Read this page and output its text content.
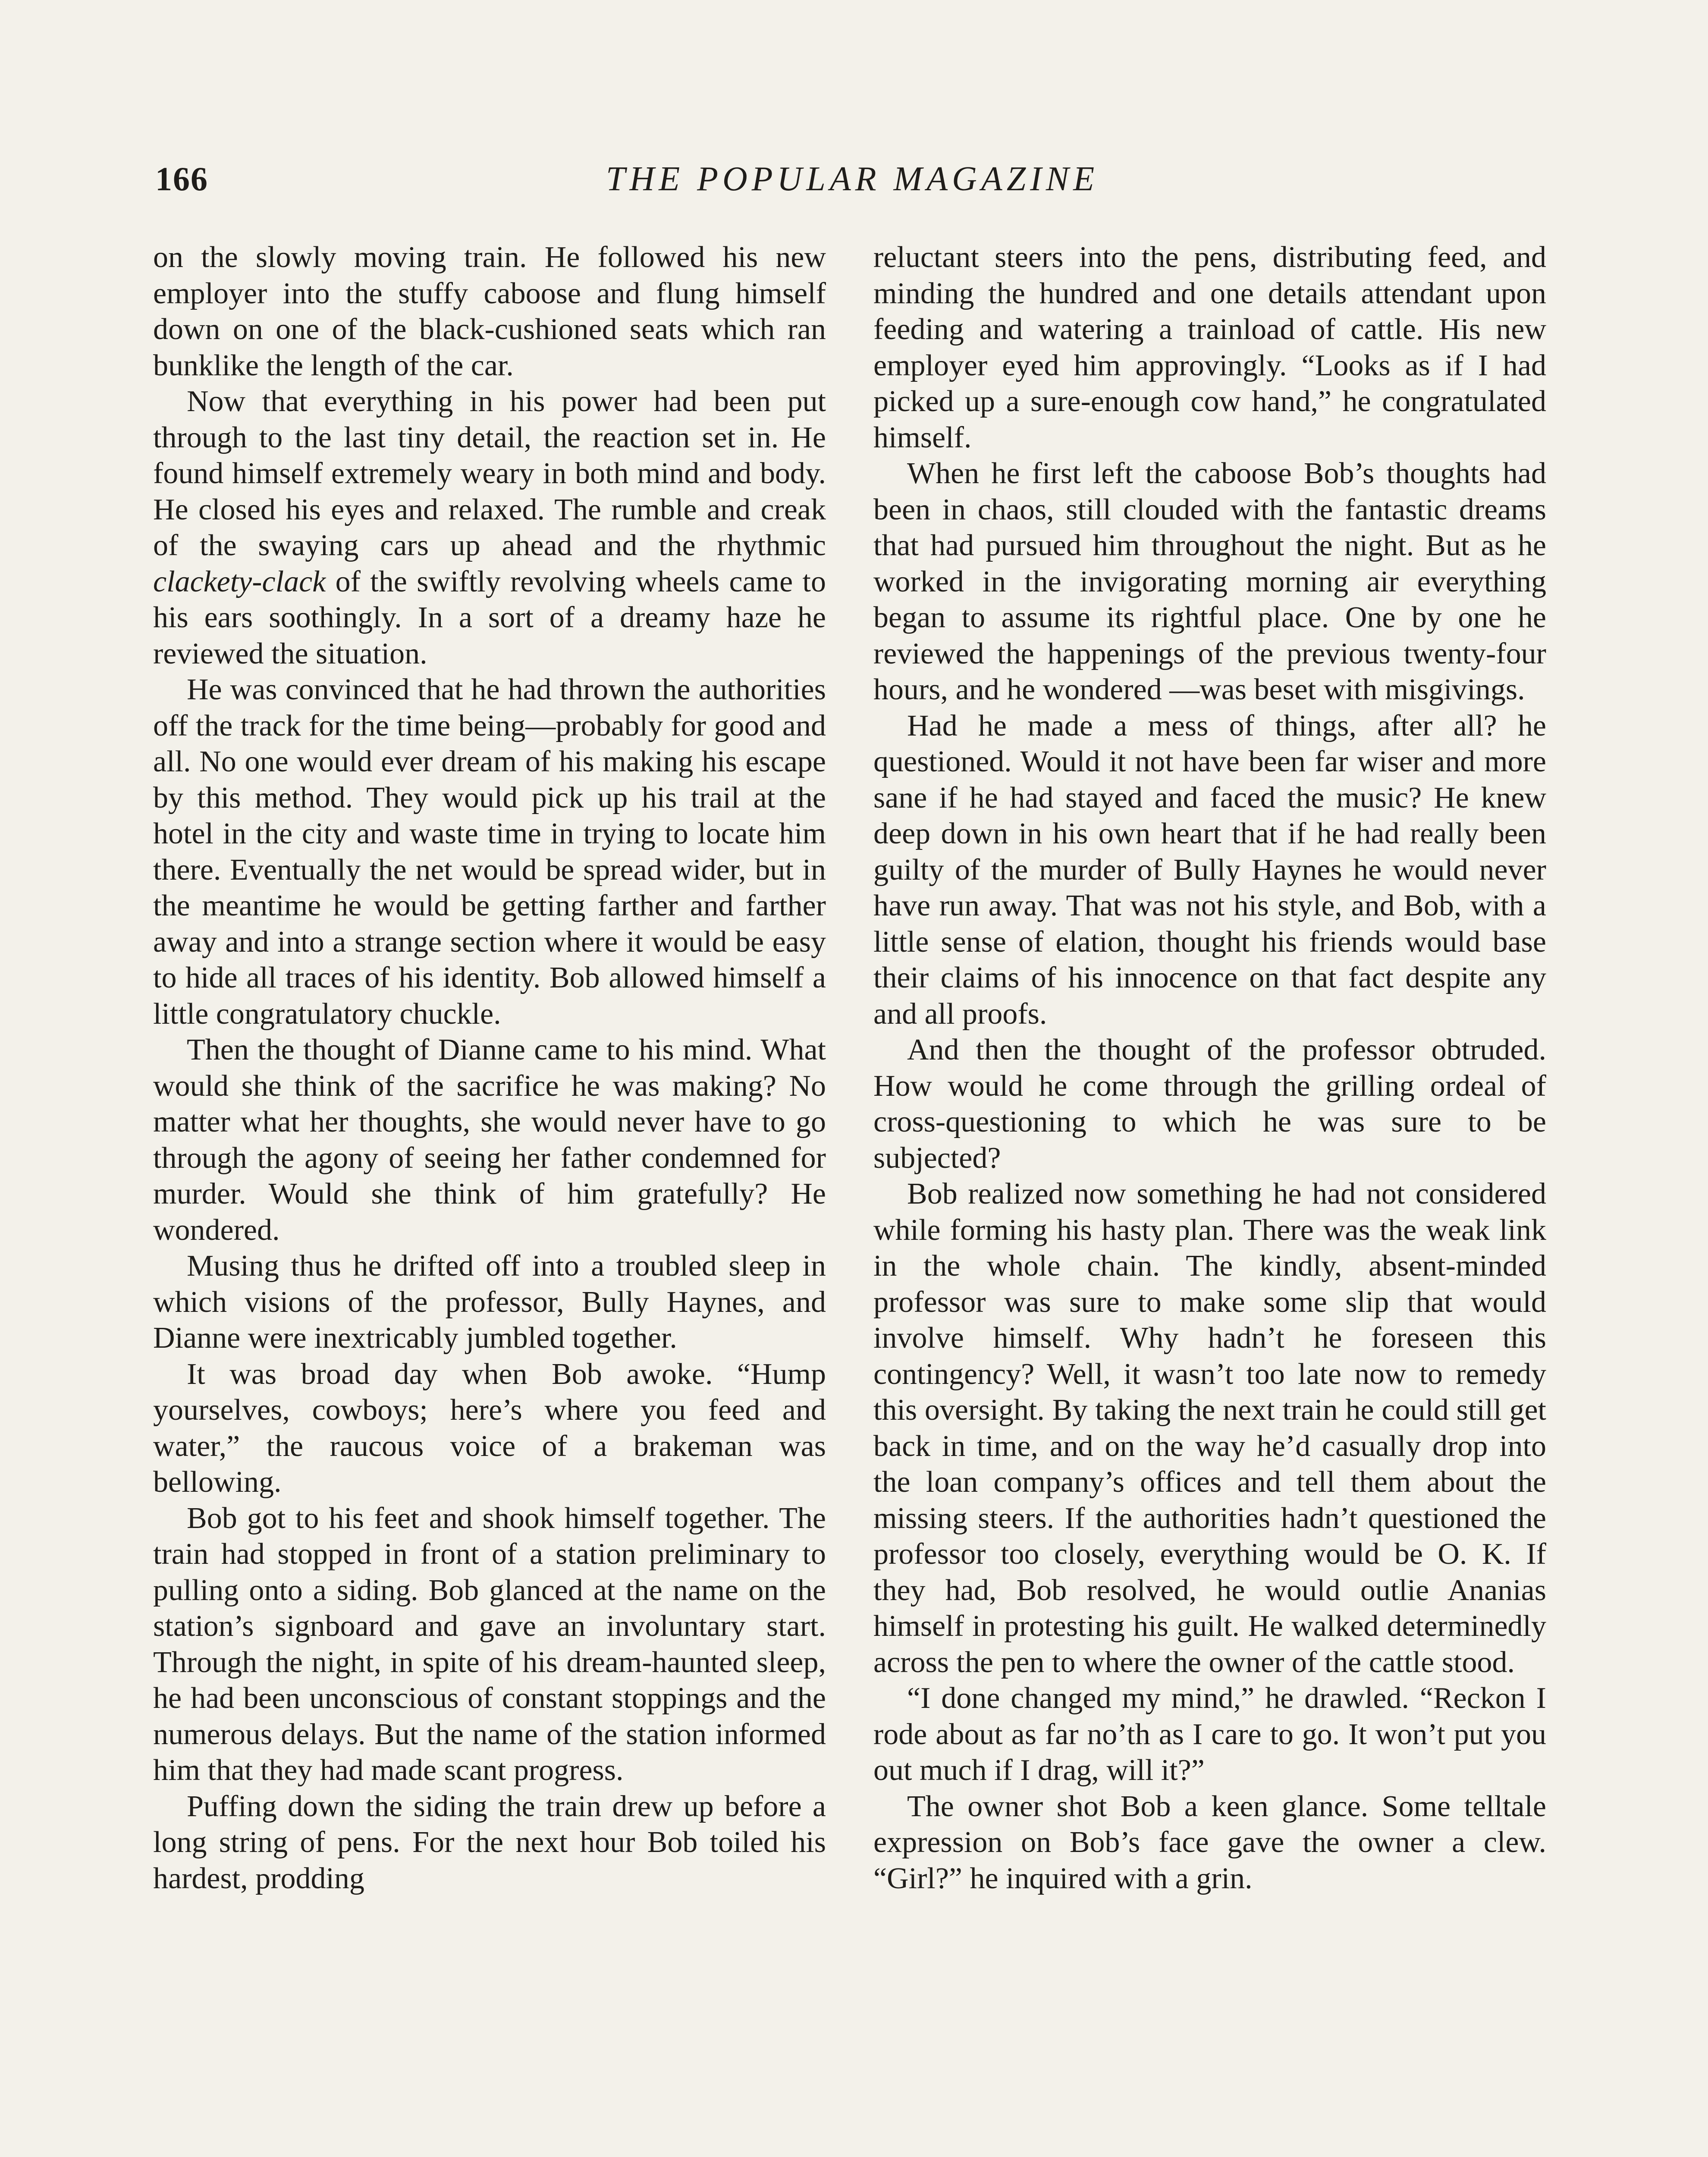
166	THE POPULAR MAGAZINE

on the slowly moving train. He followed his new employer into the stuffy caboose and flung himself down on one of the black-cushioned seats which ran bunklike the length of the car.

Now that everything in his power had been put through to the last tiny detail, the reaction set in. He found himself extremely weary in both mind and body. He closed his eyes and relaxed. The rumble and creak of the swaying cars up ahead and the rhythmic clackety-clack of the swiftly revolving wheels came to his ears soothingly. In a sort of a dreamy haze he reviewed the situation.

He was convinced that he had thrown the authorities off the track for the time being—probably for good and all. No one would ever dream of his making his escape by this method. They would pick up his trail at the hotel in the city and waste time in trying to locate him there. Eventually the net would be spread wider, but in the meantime he would be getting farther and farther away and into a strange section where it would be easy to hide all traces of his identity. Bob allowed himself a little congratulatory chuckle.

Then the thought of Dianne came to his mind. What would she think of the sacrifice he was making? No matter what her thoughts, she would never have to go through the agony of seeing her father condemned for murder. Would she think of him gratefully? He wondered.

Musing thus he drifted off into a troubled sleep in which visions of the professor, Bully Haynes, and Dianne were inextricably jumbled together.

It was broad day when Bob awoke. “Hump yourselves, cowboys; here’s where you feed and water,” the raucous voice of a brakeman was bellowing.

Bob got to his feet and shook himself together. The train had stopped in front of a station preliminary to pulling onto a siding. Bob glanced at the name on the station’s signboard and gave an involuntary start. Through the night, in spite of his dream-haunted sleep, he had been unconscious of constant stoppings and the numerous delays. But the name of the station informed him that they had made scant progress.

Puffing down the siding the train drew up before a long string of pens. For the next hour Bob toiled his hardest, prodding

reluctant steers into the pens, distributing feed, and minding the hundred and one details attendant upon feeding and watering a trainload of cattle. His new employer eyed him approvingly. “Looks as if I had picked up a sure-enough cow hand,” he congratulated himself.

When he first left the caboose Bob’s thoughts had been in chaos, still clouded with the fantastic dreams that had pursued him throughout the night. But as he worked in the invigorating morning air everything began to assume its rightful place. One by one he reviewed the happenings of the previous twenty-four hours, and he wondered —was beset with misgivings.

Had he made a mess of things, after all? he questioned. Would it not have been far wiser and more sane if he had stayed and faced the music? He knew deep down in his own heart that if he had really been guilty of the murder of Bully Haynes he would never have run away. That was not his style, and Bob, with a little sense of elation, thought his friends would base their claims of his innocence on that fact despite any and all proofs.

And then the thought of the professor obtruded. How would he come through the grilling ordeal of cross-questioning to which he was sure to be subjected?

Bob realized now something he had not considered while forming his hasty plan. There was the weak link in the whole chain. The kindly, absent-minded professor was sure to make some slip that would involve himself. Why hadn’t he foreseen this contingency? Well, it wasn’t too late now to remedy this oversight. By taking the next train he could still get back in time, and on the way he’d casually drop into the loan company’s offices and tell them about the missing steers. If the authorities hadn’t questioned the professor too closely, everything would be O. K. If they had, Bob resolved, he would outlie Ananias himself in protesting his guilt. He walked determinedly across the pen to where the owner of the cattle stood.

“I done changed my mind,” he drawled. “Reckon I rode about as far no’th as I care to go. It won’t put you out much if I drag, will it?”

The owner shot Bob a keen glance. Some telltale expression on Bob’s face gave the owner a clew. “Girl?” he inquired with a grin.
